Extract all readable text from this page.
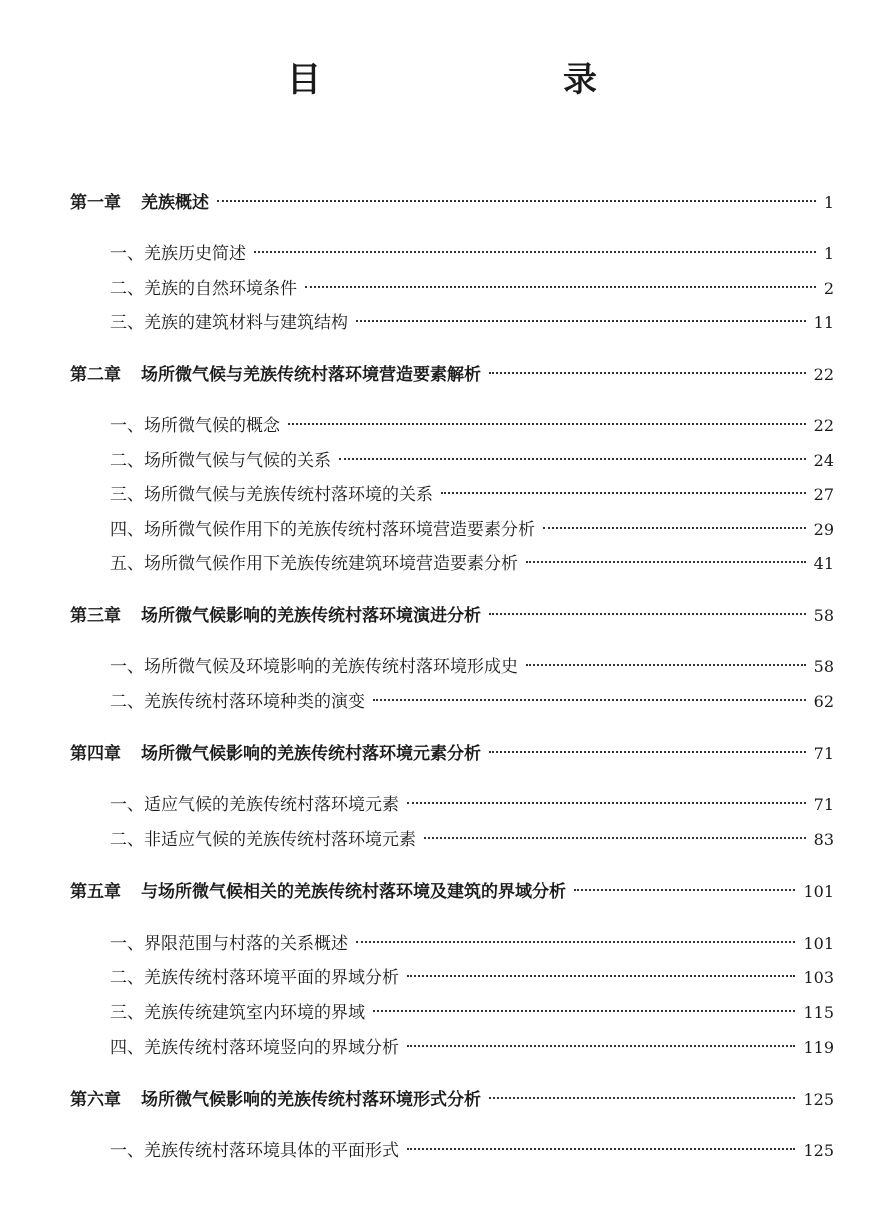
目　　录
第一章 羌族概述	1
一、羌族历史简述	1
二、羌族的自然环境条件	2
三、羌族的建筑材料与建筑结构	11
第二章 场所微气候与羌族传统村落环境营造要素解析	22
一、场所微气候的概念	22
二、场所微气候与气候的关系	24
三、场所微气候与羌族传统村落环境的关系	27
四、场所微气候作用下的羌族传统村落环境营造要素分析	29
五、场所微气候作用下羌族传统建筑环境营造要素分析	41
第三章 场所微气候影响的羌族传统村落环境演进分析	58
一、场所微气候及环境影响的羌族传统村落环境形成史	58
二、羌族传统村落环境种类的演变	62
第四章 场所微气候影响的羌族传统村落环境元素分析	71
一、适应气候的羌族传统村落环境元素	71
二、非适应气候的羌族传统村落环境元素	83
第五章 与场所微气候相关的羌族传统村落环境及建筑的界域分析	101
一、界限范围与村落的关系概述	101
二、羌族传统村落环境平面的界域分析	103
三、羌族传统建筑室内环境的界域	115
四、羌族传统村落环境竖向的界域分析	119
第六章 场所微气候影响的羌族传统村落环境形式分析	125
一、羌族传统村落环境具体的平面形式	125
